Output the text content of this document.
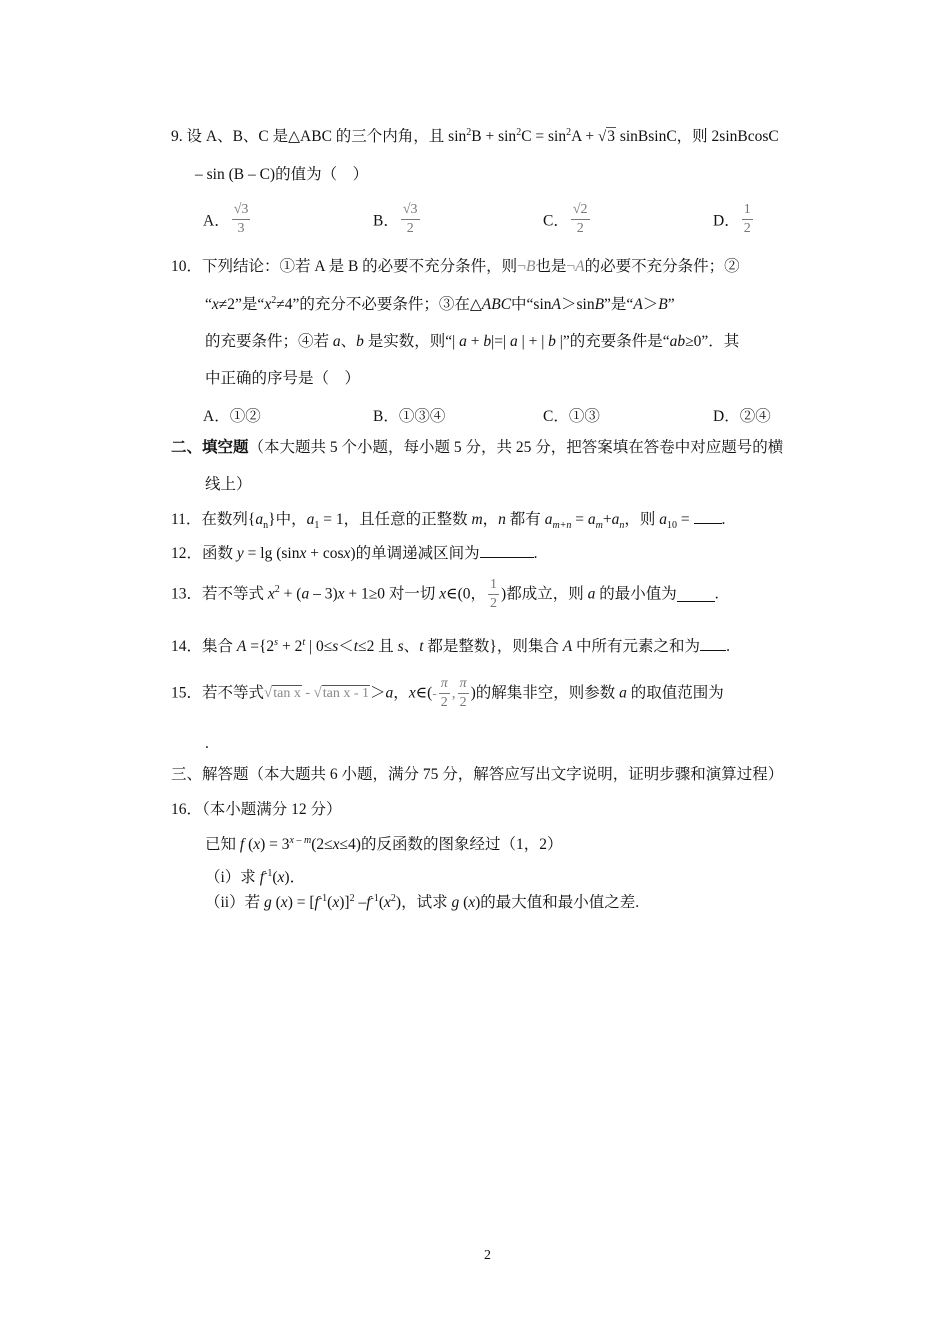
9. 设 A、B、C 是△ABC 的三个内角，且 $\sin^2B + \sin^2C = \sin^2A + √3$ sinBsinC，则 2sinBcosC
– sin (B – C)的值为（　）
A． $\frac{√3}{3}$	B． $\frac{√3}{2}$	C． $\frac{√2}{2}$	D． $\frac{1}{2}$
10．下列结论：①若 A 是 B 的必要不充分条件，则¬B也是¬A的必要不充分条件；②
“x≠2”是“$x^2\ne 4$”的充分不必要条件；③在△ABC中“sinA＞sinB”是“A＞B”
的充要条件；④若 a、b 是实数，则“| a + b|=| a | + | b |”的充要条件是“ab≥0”．其
中正确的序号是（　）
A．①②	B．①③④	C．①③	D．②④
二、填空题（本大题共 5 个小题，每小题 5 分，共 25 分，把答案填在答卷中对应题号的横
线上）
11．在数列$\{a_n\}$中，$a_1 = 1$，且任意的正整数 m，n 都有 $a_{m+n} = a_m+a_n$，则 $a_{10}$ = .
12．函数 y = lg (sinx + cosx)的单调递减区间为	.
13．若不等式 $x^2 + (a - 3)x + 1\ge 0$ 对一切 x∈(0， $\frac{1}{2}$ )都成立，则 a 的最小值为 .
14．集合 $A =\{2^s + 2^t$ | 0≤s＜t≤2 且 s、t 都是整数}，则集合 A 中所有元素之和为 .
15．若不等式√tan x - √tan x - 1＞a，x∈(- $\frac{\pi}{2}$ , $\frac{\pi}{2}$ )的解集非空，则参数 a 的取值范围为
.
三、解答题（本大题共 6 小题，满分 75 分，解答应写出文字说明，证明步骤和演算过程）
16．（本小题满分 12 分）
已知 f $(x) = 3^{x - m}(2\le x\le 4)$的反函数的图象经过（1，2）
（i）求 $f^{-1}(x)$．
（ii）若 g $(x) = [f^{-1}(x)]^2$ $-f^{-1}(x^2)$，试求 g (x)的最大值和最小值之差.
2
